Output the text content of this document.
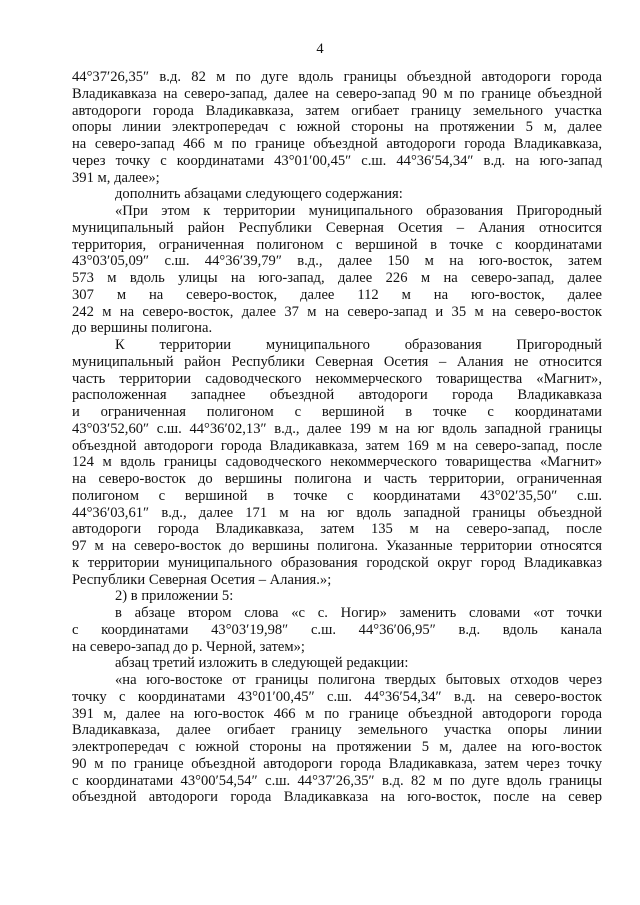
4
44°37′26,35″ в.д. 82 м по дуге вдоль границы объездной автодороги города
Владикавказа на северо-запад, далее на северо-запад 90 м по границе объездной
автодороги города Владикавказа, затем огибает границу земельного участка
опоры линии электропередач с южной стороны на протяжении 5 м, далее
на северо-запад 466 м по границе объездной автодороги города Владикавказа,
через точку с координатами 43°01′00,45″ с.ш. 44°36′54,34″ в.д. на юго-запад
391 м, далее»;
дополнить абзацами следующего содержания:
«При этом к территории муниципального образования Пригородный
муниципальный район Республики Северная Осетия – Алания относится
территория, ограниченная полигоном с вершиной в точке с координатами
43°03′05,09″ с.ш. 44°36′39,79″ в.д., далее 150 м на юго-восток, затем
573 м вдоль улицы на юго-запад, далее 226 м на северо-запад, далее
307 м на северо-восток, далее 112 м на юго-восток, далее
242 м на северо-восток, далее 37 м на северо-запад и 35 м на северо-восток
до вершины полигона.
К территории муниципального образования Пригородный
муниципальный район Республики Северная Осетия – Алания не относится
часть территории садоводческого некоммерческого товарищества «Магнит»,
расположенная западнее объездной автодороги города Владикавказа
и ограниченная полигоном с вершиной в точке с координатами
43°03′52,60″ с.ш. 44°36′02,13″ в.д., далее 199 м на юг вдоль западной границы
объездной автодороги города Владикавказа, затем 169 м на северо-запад, после
124 м вдоль границы садоводческого некоммерческого товарищества «Магнит»
на северо-восток до вершины полигона и часть территории, ограниченная
полигоном с вершиной в точке с координатами 43°02′35,50″ с.ш.
44°36′03,61″ в.д., далее 171 м на юг вдоль западной границы объездной
автодороги города Владикавказа, затем 135 м на северо-запад, после
97 м на северо-восток до вершины полигона. Указанные территории относятся
к территории муниципального образования городской округ город Владикавказ
Республики Северная Осетия – Алания.»;
2) в приложении 5:
в абзаце втором слова «с с. Ногир» заменить словами «от точки
с координатами 43°03′19,98″ с.ш. 44°36′06,95″ в.д. вдоль канала
на северо-запад до р. Черной, затем»;
абзац третий изложить в следующей редакции:
«на юго-востоке от границы полигона твердых бытовых отходов через
точку с координатами 43°01′00,45″ с.ш. 44°36′54,34″ в.д. на северо-восток
391 м, далее на юго-восток 466 м по границе объездной автодороги города
Владикавказа, далее огибает границу земельного участка опоры линии
электропередач с южной стороны на протяжении 5 м, далее на юго-восток
90 м по границе объездной автодороги города Владикавказа, затем через точку
с координатами 43°00′54,54″ с.ш. 44°37′26,35″ в.д. 82 м по дуге вдоль границы
объездной автодороги города Владикавказа на юго-восток, после на север
